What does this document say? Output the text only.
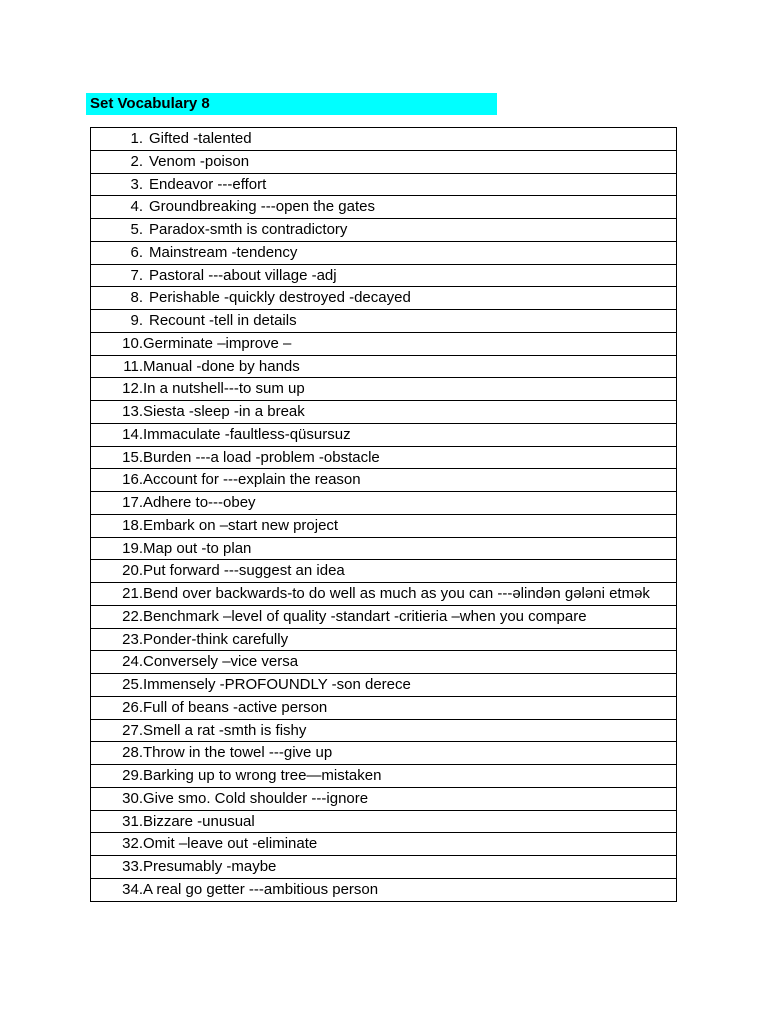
Set Vocabulary 8
1. Gifted -talented

2. Venom -poison

3. Endeavor ---effort

4. Groundbreaking ---open the gates

5. Paradox-smth is contradictory

6. Mainstream -tendency

7. Pastoral ---about village -adj

8. Perishable -quickly destroyed -decayed

9. Recount -tell in details

10. Germinate –improve –

11. Manual -done by hands

12. In a nutshell---to sum up

13. Siesta -sleep -in a break

14. Immaculate -faultless-qüsursuz

15. Burden ---a load -problem -obstacle

16. Account for ---explain the reason

17. Adhere to---obey

18. Embark on –start new project

19. Map out -to plan

20. Put forward ---suggest an idea

21. Bend over backwards-to do well as much as you can ---əlindən gələni etmək

22. Benchmark –level of quality -standart -critieria –when you compare

23. Ponder-think carefully

24. Conversely –vice versa

25. Immensely -PROFOUNDLY -son derece

26. Full of beans -active person

27. Smell a rat -smth is fishy

28. Throw in the towel ---give up

29. Barking up to wrong tree—mistaken

30. Give smo. Cold shoulder ---ignore

31. Bizzare -unusual

32. Omit –leave out -eliminate

33. Presumably -maybe

34. A real go getter ---ambitious person
